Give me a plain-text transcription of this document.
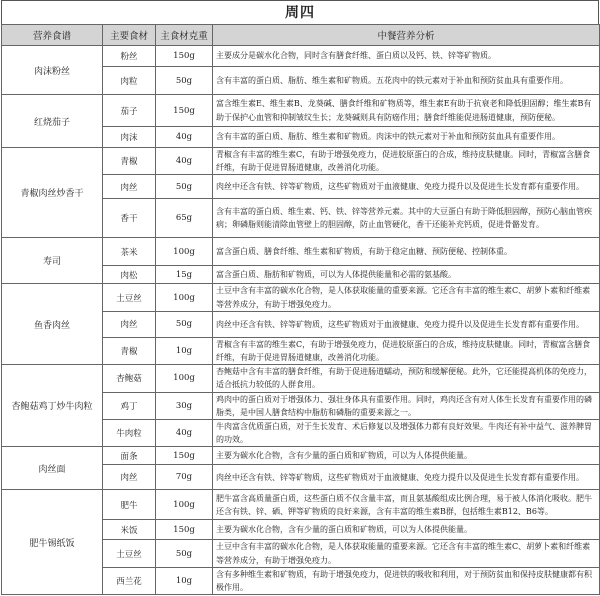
周四
营养食谱	主要食材	主食材克重	中餐营养分析
肉沫粉丝	粉丝	150g	主要成分是碳水化合物，同时含有膳食纤维、蛋白质以及钙、铁、锌等矿物质。

	肉粒	50g	含有丰富的蛋白质、脂肪、维生素和矿物质。五花肉中的铁元素对于补血和预防贫血具有重要作用。

红烧茄子	茄子	150g	富含维生素E、维生素B、龙葵碱、膳食纤维和矿物质等，维生素E有助于抗衰老和降低胆固醇；维生素B有助于保护心血管和抑制皱纹生长；龙葵碱则具有防癌作用；膳食纤维能促进肠道健康，预防便秘。

	肉沫	40g	含有丰富的蛋白质、脂肪、维生素和矿物质。肉沫中的铁元素对于补血和预防贫血具有重要作用。

青椒肉丝炒香干	青椒	40g	青椒含有丰富的维生素C，有助于增强免疫力，促进胶原蛋白的合成，维持皮肤健康。同时，青椒富含膳食纤维，有助于促进胃肠道健康，改善消化功能。

	肉丝	50g	肉丝中还含有铁、锌等矿物质，这些矿物质对于血液健康、免疫力提升以及促进生长发育都有重要作用。

	香干	65g	含有丰富的蛋白质、维生素、钙、铁、锌等营养元素。其中的大豆蛋白有助于降低胆固醇，预防心脑血管疾病；卵磷脂则能清除血管壁上的胆固醇，防止血管硬化，香干还能补充钙质，促进骨骼发育。

寿司	茶米	100g	富含蛋白质、膳食纤维、维生素和矿物质，有助于稳定血糖、预防便秘、控制体重。

	肉松	15g	富含蛋白质、脂肪和矿物质，可以为人体提供能量和必需的氨基酸。

鱼香肉丝	土豆丝	100g	土豆中含有丰富的碳水化合物，是人体获取能量的重要来源。它还含有丰富的维生素C、胡萝卜素和纤维素等营养成分，有助于增强免疫力。

	肉丝	50g	肉丝中还含有铁、锌等矿物质，这些矿物质对于血液健康、免疫力提升以及促进生长发育都有重要作用。

	青椒	10g	青椒含有丰富的维生素C，有助于增强免疫力，促进胶原蛋白的合成，维持皮肤健康。同时，青椒富含膳食纤维，有助于促进胃肠道健康，改善消化功能。

杏鲍菇鸡丁炒牛肉粒	杏鲍菇	100g	杏鲍菇中含有丰富的膳食纤维，有助于促进肠道蠕动，预防和缓解便秘。此外，它还能提高机体的免疫力，适合抵抗力较低的人群食用。

	鸡丁	30g	鸡肉中的蛋白质对于增强体力、强壮身体具有重要作用。同时，鸡肉还含有对人体生长发育有重要作用的磷脂类，是中国人膳食结构中脂肪和磷脂的重要来源之一。

	牛肉粒	40g	牛肉富含优质蛋白质，对于生长发育、术后修复以及增强体力都有良好效果。牛肉还有补中益气、滋养脾胃的功效。

肉丝面	面条	150g	主要为碳水化合物，含有少量的蛋白质和矿物质，可以为人体提供能量。

	肉丝	70g	肉丝中还含有铁、锌等矿物质，这些矿物质对于血液健康、免疫力提升以及促进生长发育都有重要作用。

肥牛锡纸饭	肥牛	100g	肥牛富含高质量蛋白质，这些蛋白质不仅含量丰富，而且氨基酸组成比例合理，易于被人体消化吸收。肥牛还含有铁、锌、硒、钾等矿物质的良好来源，含有丰富的维生素B群，包括维生素B12、B6等。

	米饭	150g	主要为碳水化合物，含有少量的蛋白质和矿物质，可以为人体提供能量。

	土豆丝	50g	土豆中含有丰富的碳水化合物，是人体获取能量的重要来源。它还含有丰富的维生素C、胡萝卜素和纤维素等营养成分，有助于增强免疫力。

	西兰花	10g	含有多种维生素和矿物质，有助于增强免疫力，促进铁的吸收和利用，对于预防贫血和保持皮肤健康都有积极作用。
